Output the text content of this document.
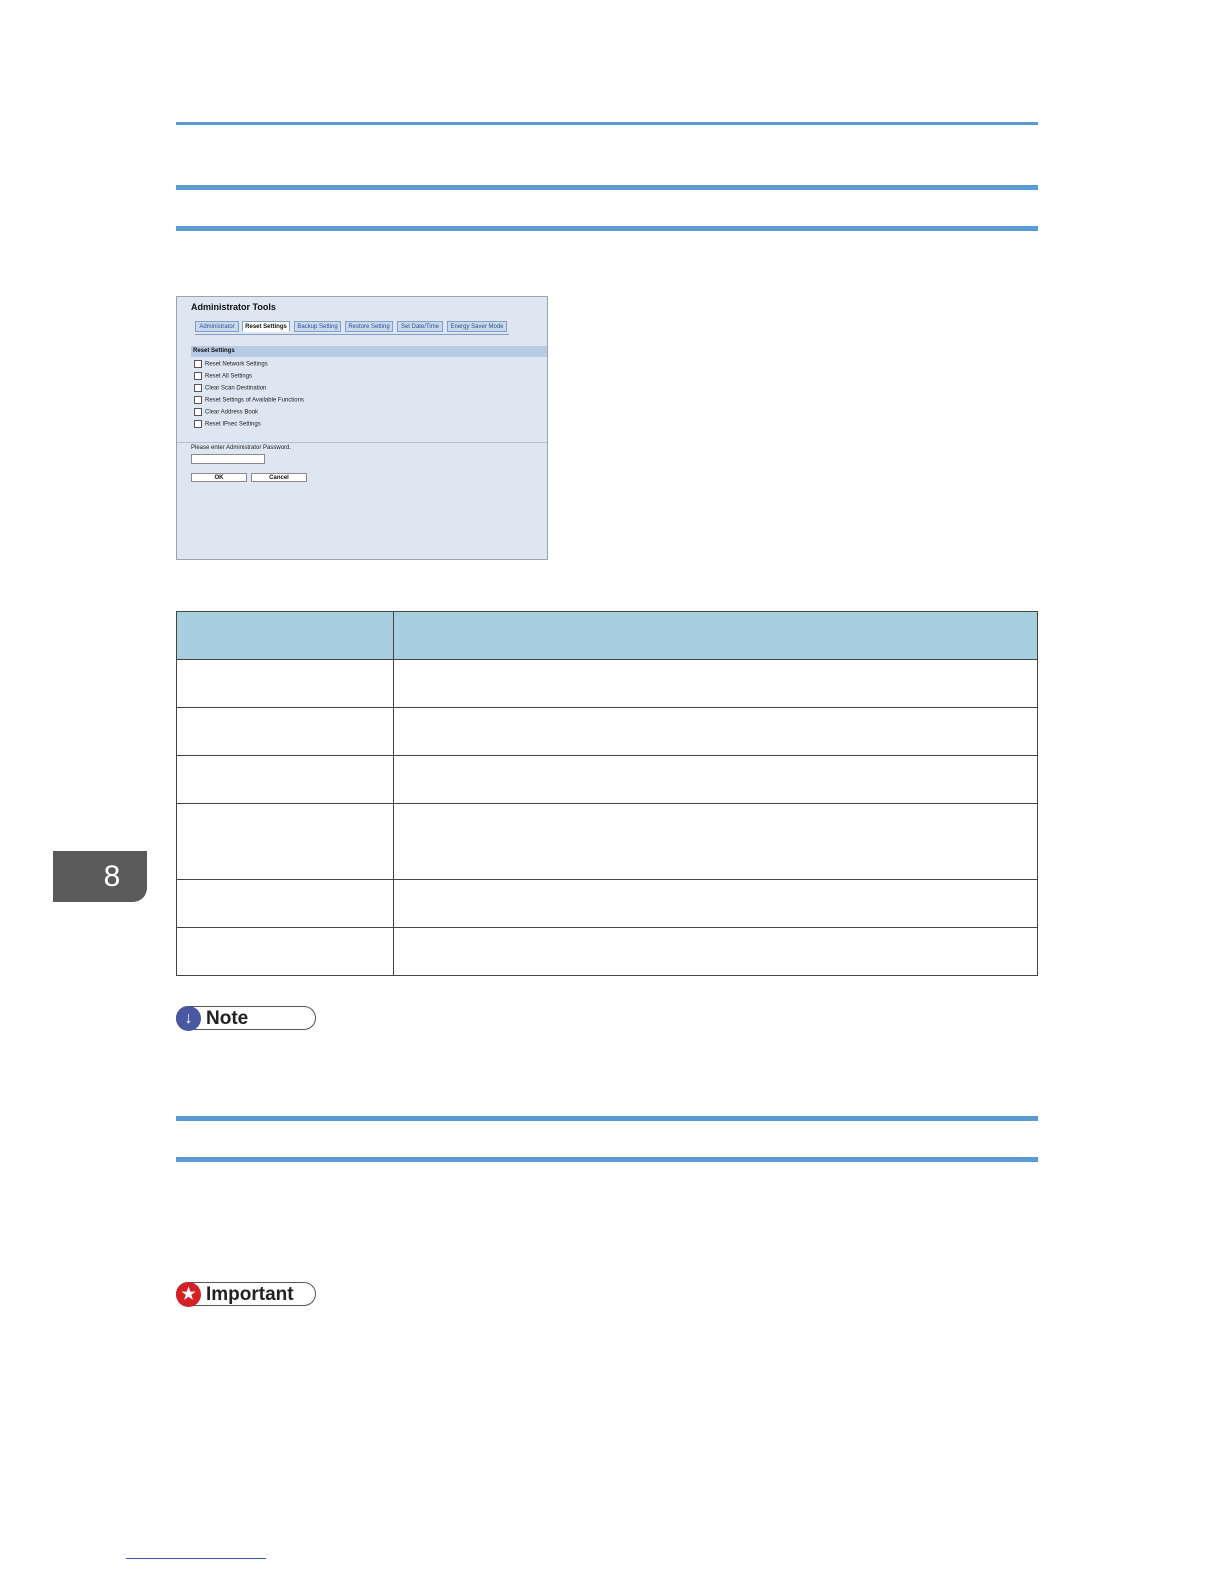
Administrator Tools
Administrator	Reset Settings	Backup Setting	Restore Setting	Set Date/Time	Energy Saver Mode
Reset Settings
Reset Network Settings
Reset All Settings
Clear Scan Destination
Reset Settings of Available Functions
Clear Address Book
Reset IPsec Settings
Please enter Administrator Password.
OK	Cancel

↓ Note
★ Important
8
